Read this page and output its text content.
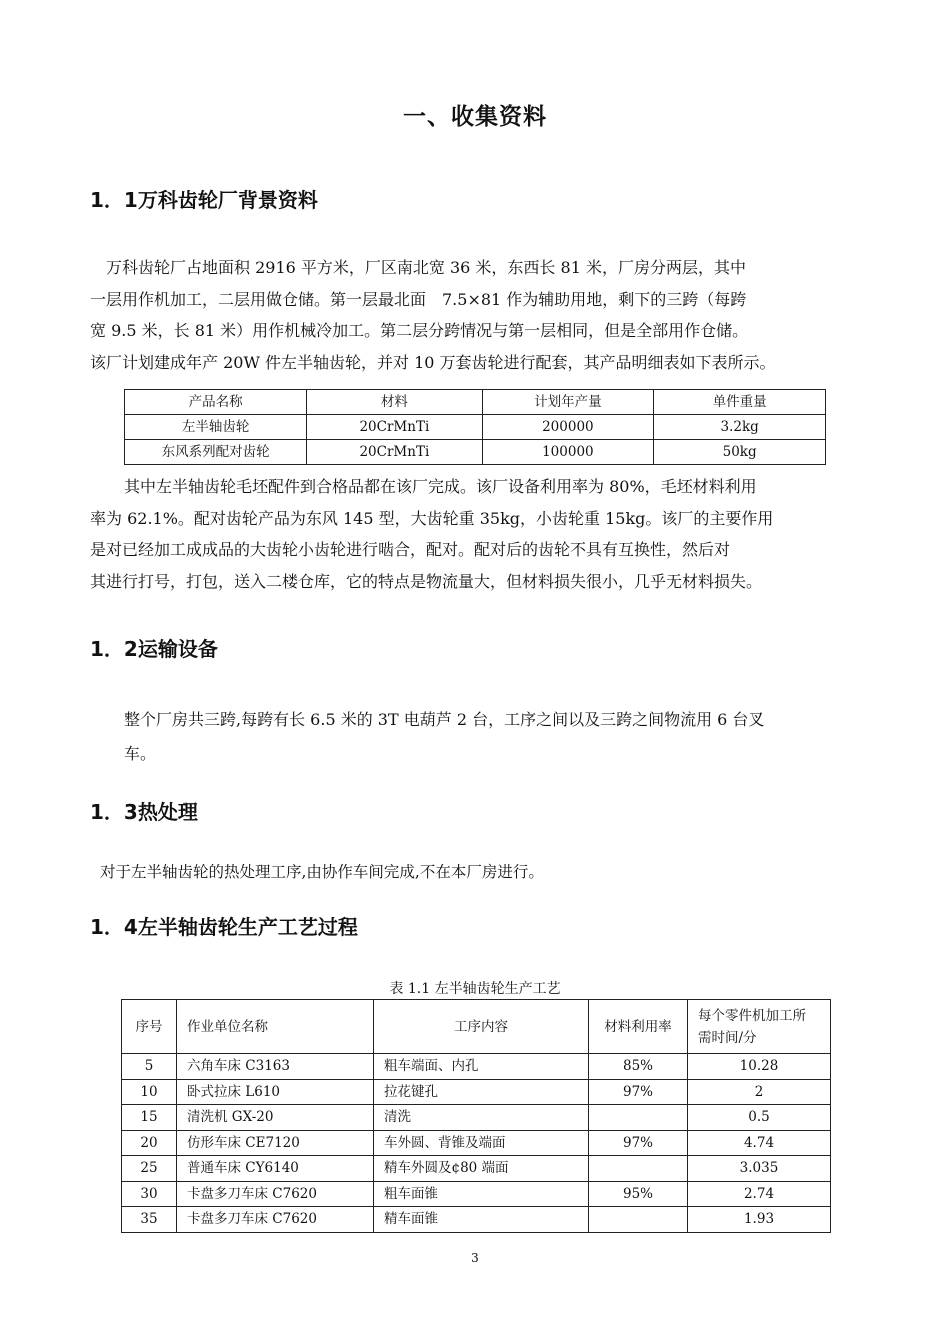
一、收集资料
1．1万科齿轮厂背景资料

　万科齿轮厂占地面积 2916 平方米，厂区南北宽 36 米，东西长 81 米，厂房分两层，其中

一层用作机加工，二层用做仓储。第一层最北面　7.5×81 作为辅助用地，剩下的三跨（每跨

宽 9.5 米，长 81 米）用作机械冷加工。第二层分跨情况与第一层相同，但是全部用作仓储。

该厂计划建成年产 20W 件左半轴齿轮，并对 10 万套齿轮进行配套，其产品明细表如下表所示。

产品名称	材料	计划年产量	单件重量
左半轴齿轮	20CrMnTi	200000	3.2kg
东风系列配对齿轮	20CrMnTi	100000	50kg

其中左半轴齿轮毛坯配件到合格品都在该厂完成。该厂设备利用率为 80%，毛坯材料利用

率为 62.1%。配对齿轮产品为东风 145 型，大齿轮重 35kg，小齿轮重 15kg。该厂的主要作用

是对已经加工成成品的大齿轮小齿轮进行啮合，配对。配对后的齿轮不具有互换性，然后对

其进行打号，打包，送入二楼仓库，它的特点是物流量大，但材料损失很小，几乎无材料损失。

1．2运输设备

整个厂房共三跨,每跨有长 6.5 米的 3T 电葫芦 2 台，工序之间以及三跨之间物流用 6 台叉

车。

1．3热处理
对于左半轴齿轮的热处理工序,由协作车间完成,不在本厂房进行。
1．4左半轴齿轮生产工艺过程
表 1.1 左半轴齿轮生产工艺
序号	作业单位名称	工序内容	材料利用率	每个零件机加工所
需时间/分

5	六角车床 C3163	粗车端面、内孔	85%	10.28
10	卧式拉床 L610	拉花键孔	97%	2
15	清洗机 GX-20	清洗		0.5
20	仿形车床 CE7120	车外圆、背锥及端面	97%	4.74
25	普通车床 CY6140	精车外圆及¢80 端面		3.035
30	卡盘多刀车床 C7620	粗车面锥	95%	2.74
35	卡盘多刀车床 C7620	精车面锥		1.93
3
